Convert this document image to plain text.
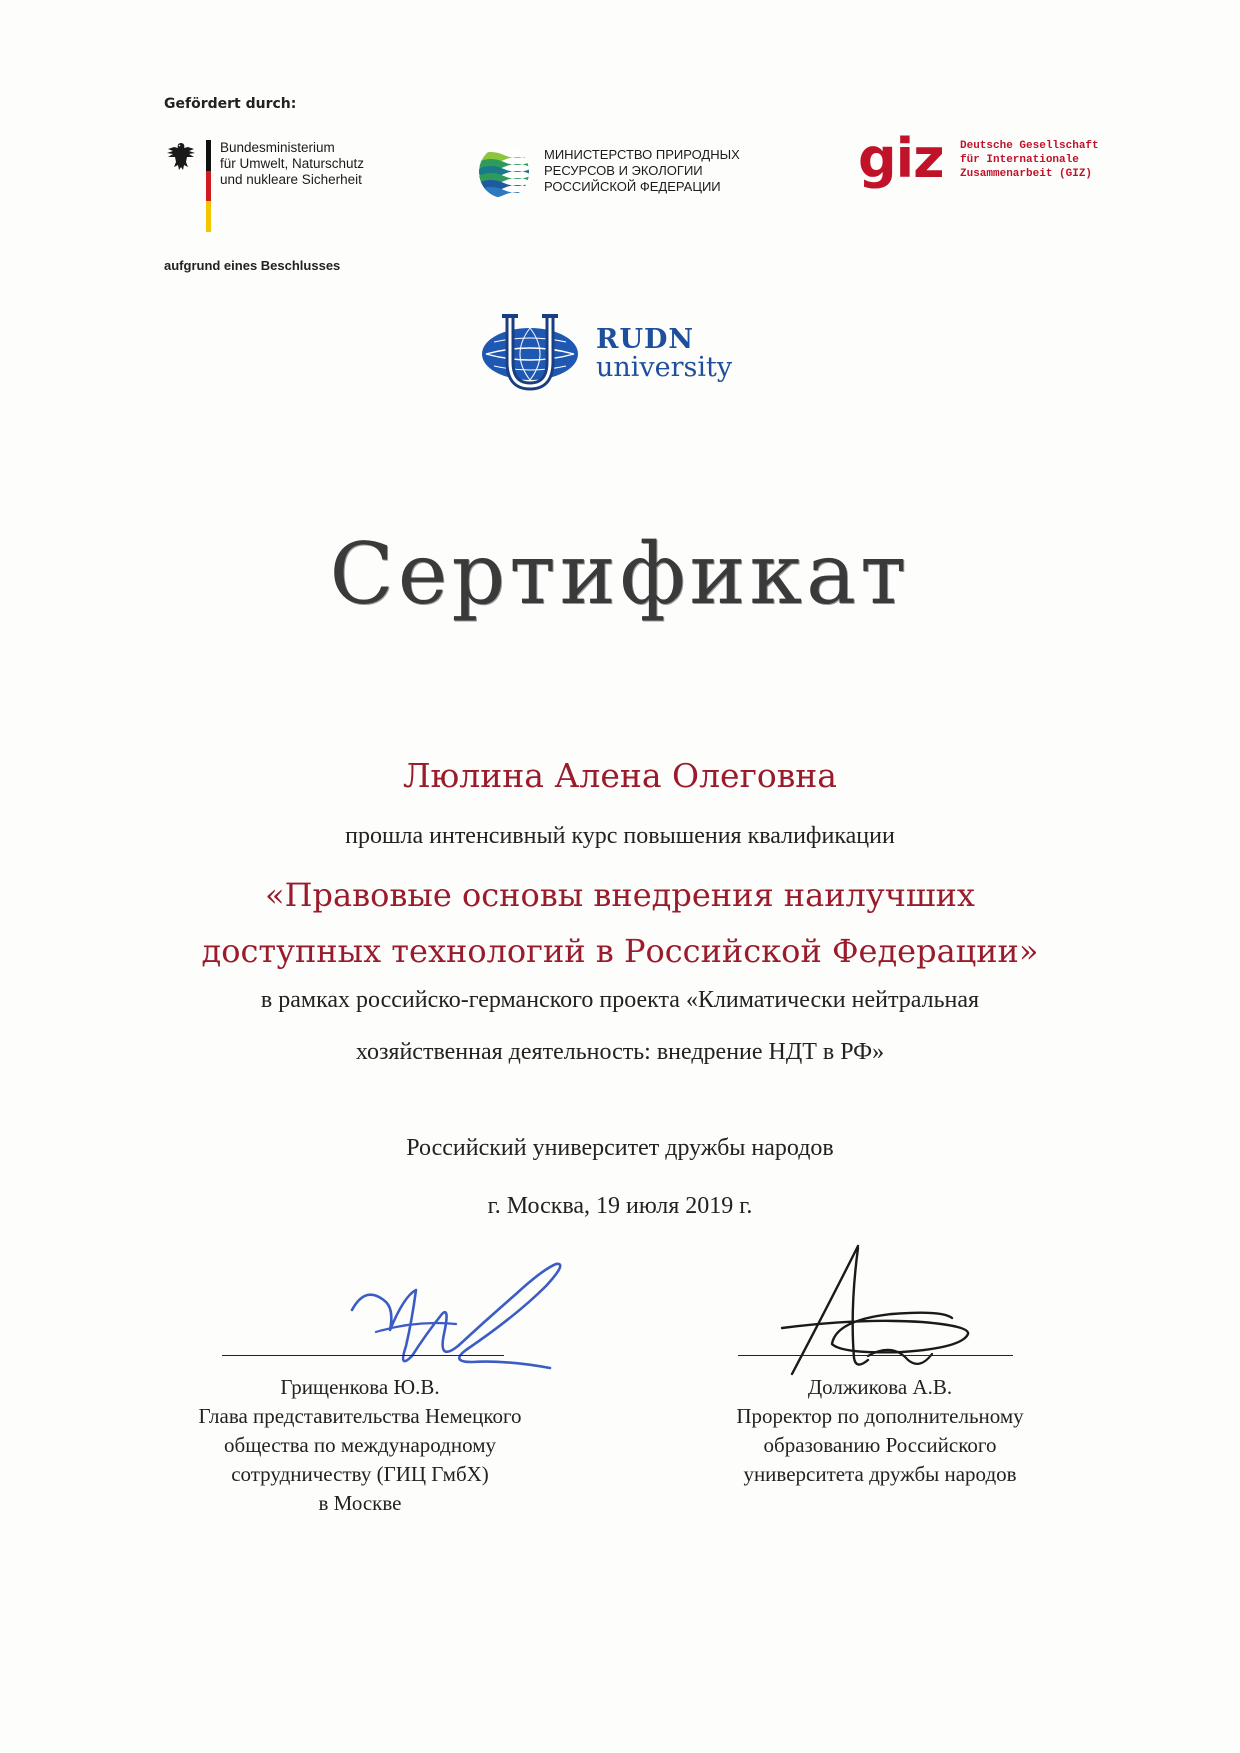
Gefördert durch:
Bundesministerium
für Umwelt, Naturschutz
und nukleare Sicherheit
aufgrund eines Beschlusses
МИНИСТЕРСТВО ПРИРОДНЫХ
РЕСУРСОВ И ЭКОЛОГИИ
РОССИЙСКОЙ ФЕДЕРАЦИИ	giz Deutsche Gesellschaft
für Internationale
Zusammenarbeit (GIZ)
RUDN
university
Сертификат
Люлина Алена Олеговна
прошла интенсивный курс повышения квалификации
«Правовые основы внедрения наилучших
доступных технологий в Российской Федерации»
в рамках российско-германского проекта «Климатически нейтральная
хозяйственная деятельность: внедрение НДТ в РФ»
Российский университет дружбы народов
г. Москва, 19 июля 2019 г.
Грищенкова Ю.В.
Глава представительства Немецкого
общества по международному
сотрудничеству (ГИЦ ГмбХ)
в Москве
Должикова А.В.
Проректор по дополнительному
образованию Российского
университета дружбы народов
